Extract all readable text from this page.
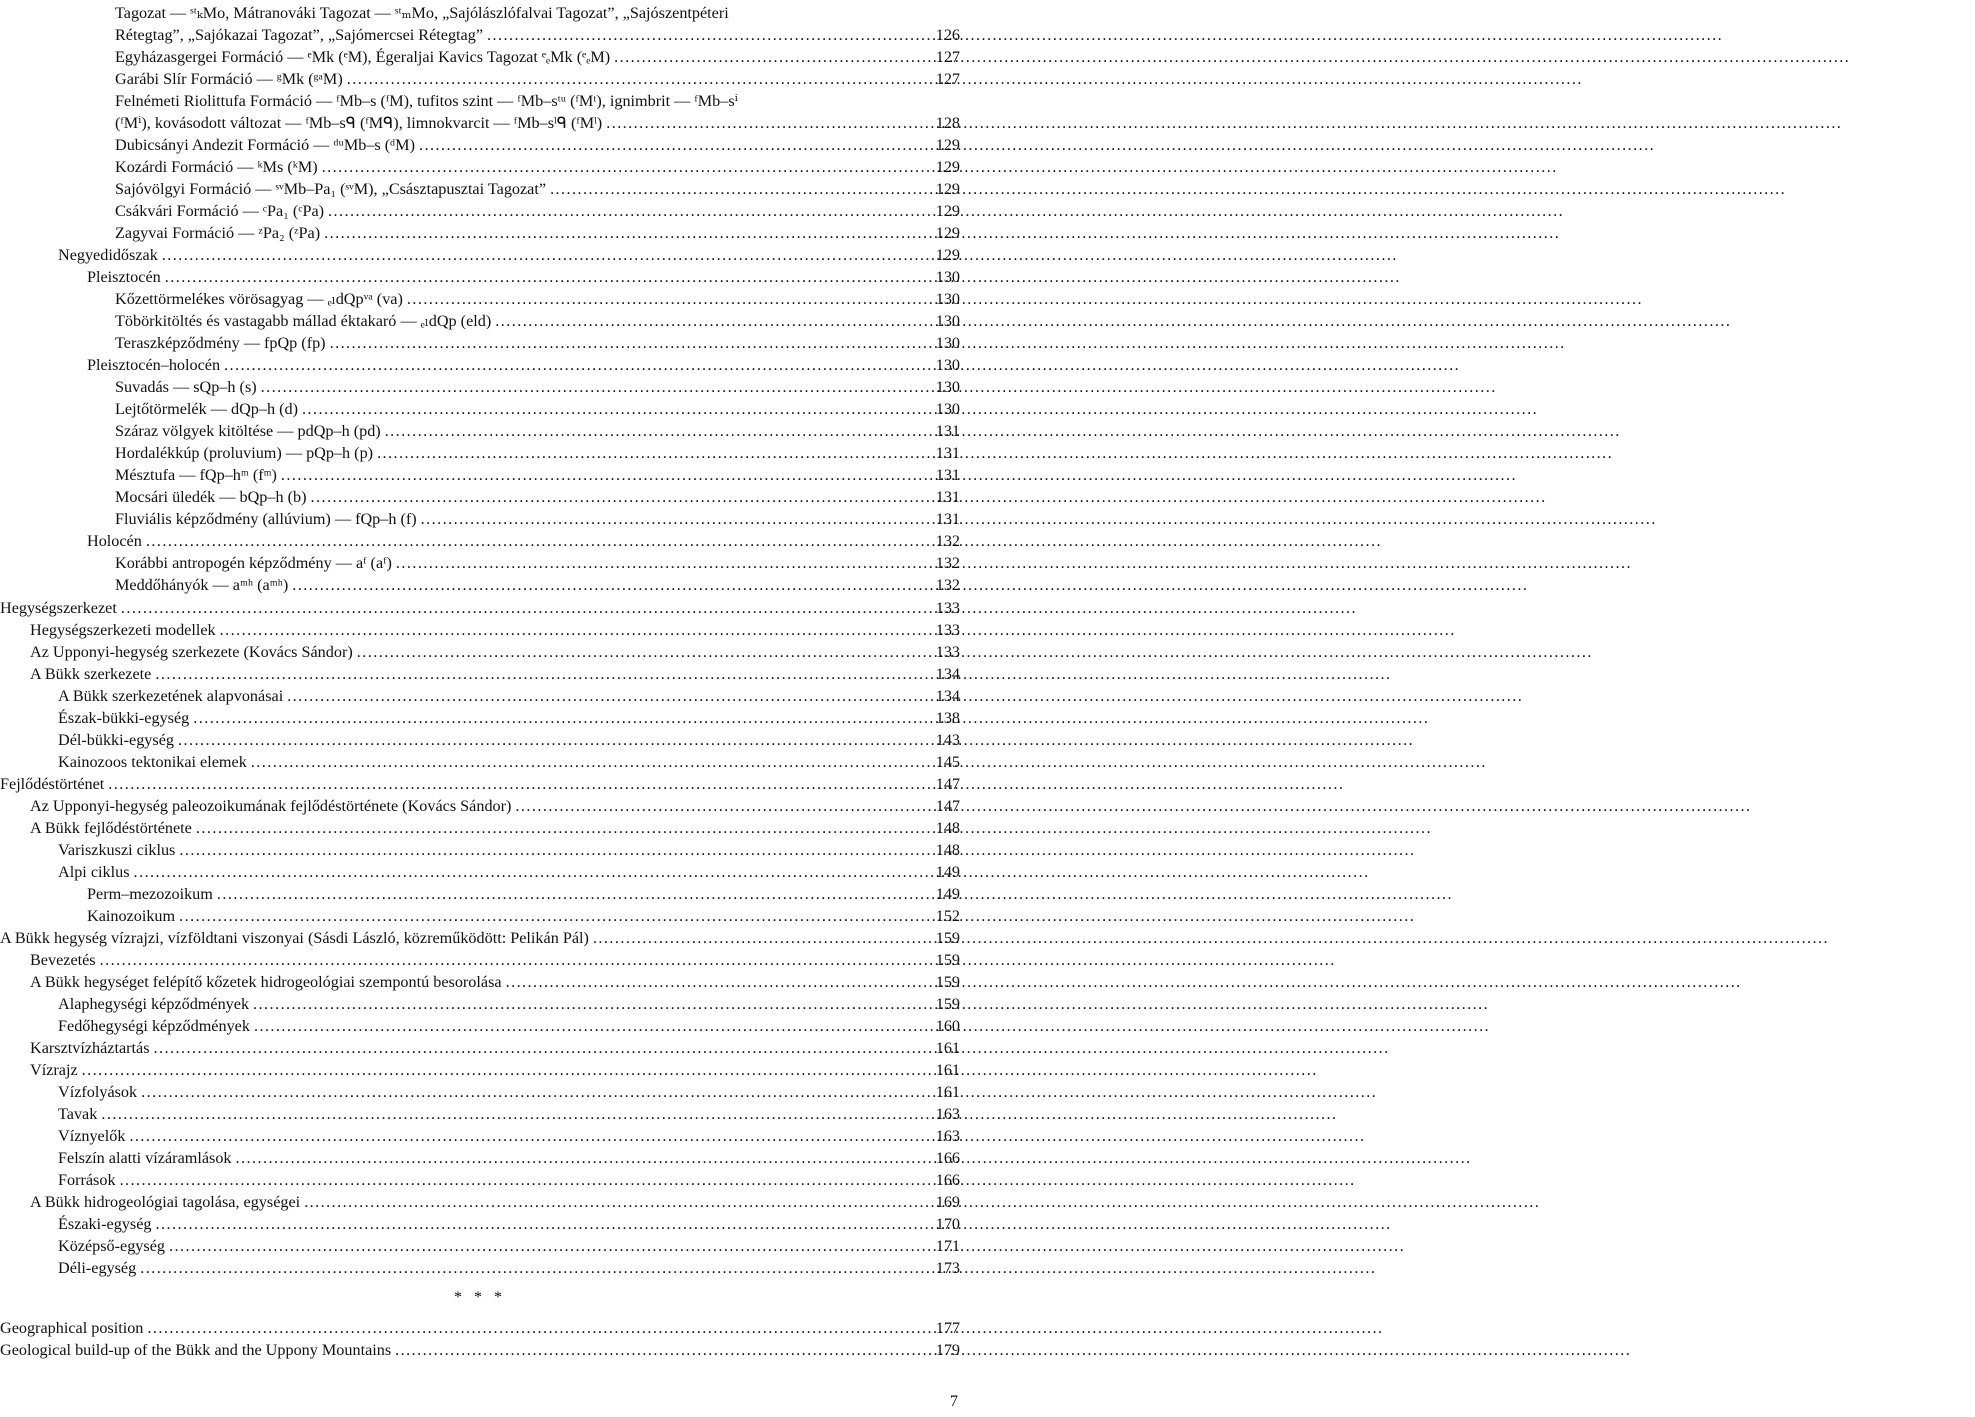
Tagozat — ˢᵗₖMo, Mátranováki Tagozat — ˢᵗₘMo, „Sajólászlófalvai Tagozat”, „Sajószentpéteri
Rétegtag”, „Sajókazai Tagozat”, „Sajómercsei Rétegtag” . . .	126
Egyházasgergei Formáció — ᵉMk (ᵉM), Égeraljai Kavics Tagozat ᵉₑMk (ᵉₑM) . . .	127
Garábi Slír Formáció — ᵍMk (ᵍᵃM) . . .	127
Felnémeti Riolittufa Formáció — ᶠMb–s (ᶠM), tufitos szint — ᶠMb–sᵗᵘ (ᶠMᵗ), ignimbrit — ᶠMb–sⁱ
(ᶠMⁱ), kovásodott változat — ᶠMb–sᑫ (ᶠMᑫ), limnokvarcit — ᶠMb–sˡᑫ (ᶠMˡ) . . .	128
Dubicsányi Andezit Formáció — ᵈᵘMb–s (ᵈM) . . .	129
Kozárdi Formáció — ᵏMs (ᵏM) . . .	129
Sajóvölgyi Formáció — ˢᵛMb–Pa₁ (ˢᵛM), „Császtapusztai Tagozat” . . .	129
Csákvári Formáció — ᶜPa₁ (ᶜPa) . . .	129
Zagyvai Formáció — ᶻPa₂ (ᶻPa) . . .	129
Negyedidőszak . . .	129
Pleisztocén . . .	130
Kőzettörmelékes vörösagyag — ₑₗdQpᵛᵃ (va) . . .	130
Töbörkitöltés és vastagabb mállad éktakaró — ₑₗdQp (eld) . . .	130
Teraszképződmény — fpQp (fp) . . .	130
Pleisztocén–holocén . . .	130
Suvadás — sQp–h (s) . . .	130
Lejtőtörmelék — dQp–h (d) . . .	130
Száraz völgyek kitöltése — pdQp–h (pd) . . .	131
Hordalékkúp (proluvium) — pQp–h (p) . . .	131
Mésztufa — fQp–hᵐ (fᵐ) . . .	131
Mocsári üledék — bQp–h (b) . . .	131
Fluviális képződmény (allúvium) — fQp–h (f) . . .	131
Holocén . . .	132
Korábbi antropogén képződmény — aᶠ (aᶠ) . . .	132
Meddőhányók — aᵐʰ (aᵐʰ) . . .	132
Hegységszerkezet . . .	133
Hegységszerkezeti modellek . . .	133
Az Upponyi-hegység szerkezete (Kovács Sándor) . . .	133
A Bükk szerkezete . . .	134
A Bükk szerkezetének alapvonásai . . .	134
Észak-bükki-egység . . .	138
Dél-bükki-egység . . .	143
Kainozoos tektonikai elemek . . .	145
Fejlődéstörténet . . .	147
Az Upponyi-hegység paleozoikumának fejlődéstörténete (Kovács Sándor) . . .	147
A Bükk fejlődéstörténete . . .	148
Variszkuszi ciklus . . .	148
Alpi ciklus . . .	149
Perm–mezozoikum . . .	149
Kainozoikum . . .	152
A Bükk hegység vízrajzi, vízföldtani viszonyai (Sásdi László, közreműködött: Pelikán Pál) . . .	159
Bevezetés . . .	159
A Bükk hegységet felépítő kőzetek hidrogeológiai szempontú besorolása . . .	159
Alaphegységi képződmények . . .	159
Fedőhegységi képződmények . . .	160
Karsztvízháztartás . . .	161
Vízrajz . . .	161
Vízfolyások . . .	161
Tavak . . .	163
Víznyelők . . .	163
Felszín alatti vízáramlások . . .	166
Források . . .	166
A Bükk hidrogeológiai tagolása, egységei . . .	169
Északi-egység . . .	170
Középső-egység . . .	171
Déli-egység . . .	173
Geographical position . . .	177
Geological build-up of the Bükk and the Uppony Mountains . . .	179
* * *
7
